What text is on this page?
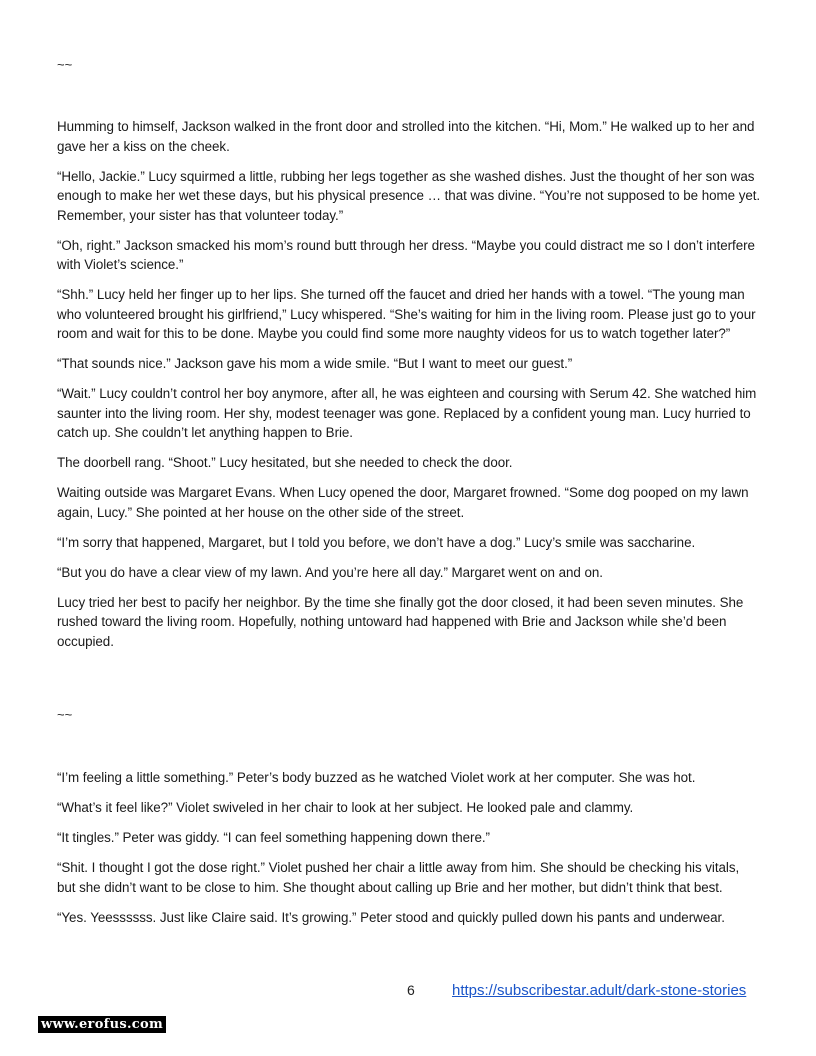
~~

Humming to himself, Jackson walked in the front door and strolled into the kitchen. “Hi, Mom.” He walked up to her and gave her a kiss on the cheek.

“Hello, Jackie.” Lucy squirmed a little, rubbing her legs together as she washed dishes. Just the thought of her son was enough to make her wet these days, but his physical presence … that was divine. “You’re not supposed to be home yet. Remember, your sister has that volunteer today.”

“Oh, right.” Jackson smacked his mom’s round butt through her dress. “Maybe you could distract me so I don’t interfere with Violet’s science.”

“Shh.” Lucy held her finger up to her lips. She turned off the faucet and dried her hands with a towel. “The young man who volunteered brought his girlfriend,” Lucy whispered. “She’s waiting for him in the living room. Please just go to your room and wait for this to be done. Maybe you could find some more naughty videos for us to watch together later?”

“That sounds nice.” Jackson gave his mom a wide smile. “But I want to meet our guest.”

“Wait.” Lucy couldn’t control her boy anymore, after all, he was eighteen and coursing with Serum 42. She watched him saunter into the living room. Her shy, modest teenager was gone. Replaced by a confident young man. Lucy hurried to catch up. She couldn’t let anything happen to Brie.

The doorbell rang. “Shoot.” Lucy hesitated, but she needed to check the door.

Waiting outside was Margaret Evans. When Lucy opened the door, Margaret frowned. “Some dog pooped on my lawn again, Lucy.” She pointed at her house on the other side of the street.

“I’m sorry that happened, Margaret, but I told you before, we don’t have a dog.” Lucy’s smile was saccharine.

“But you do have a clear view of my lawn. And you’re here all day.” Margaret went on and on.

Lucy tried her best to pacify her neighbor. By the time she finally got the door closed, it had been seven minutes. She rushed toward the living room. Hopefully, nothing untoward had happened with Brie and Jackson while she’d been occupied.

~~

“I’m feeling a little something.” Peter’s body buzzed as he watched Violet work at her computer. She was hot.

“What’s it feel like?” Violet swiveled in her chair to look at her subject. He looked pale and clammy.

“It tingles.” Peter was giddy. “I can feel something happening down there.”

“Shit. I thought I got the dose right.” Violet pushed her chair a little away from him. She should be checking his vitals, but she didn’t want to be close to him. She thought about calling up Brie and her mother, but didn’t think that best.

“Yes. Yeessssss. Just like Claire said. It’s growing.” Peter stood and quickly pulled down his pants and underwear.

6 https://subscribestar.adult/dark-stone-stories
www.erofus.com
